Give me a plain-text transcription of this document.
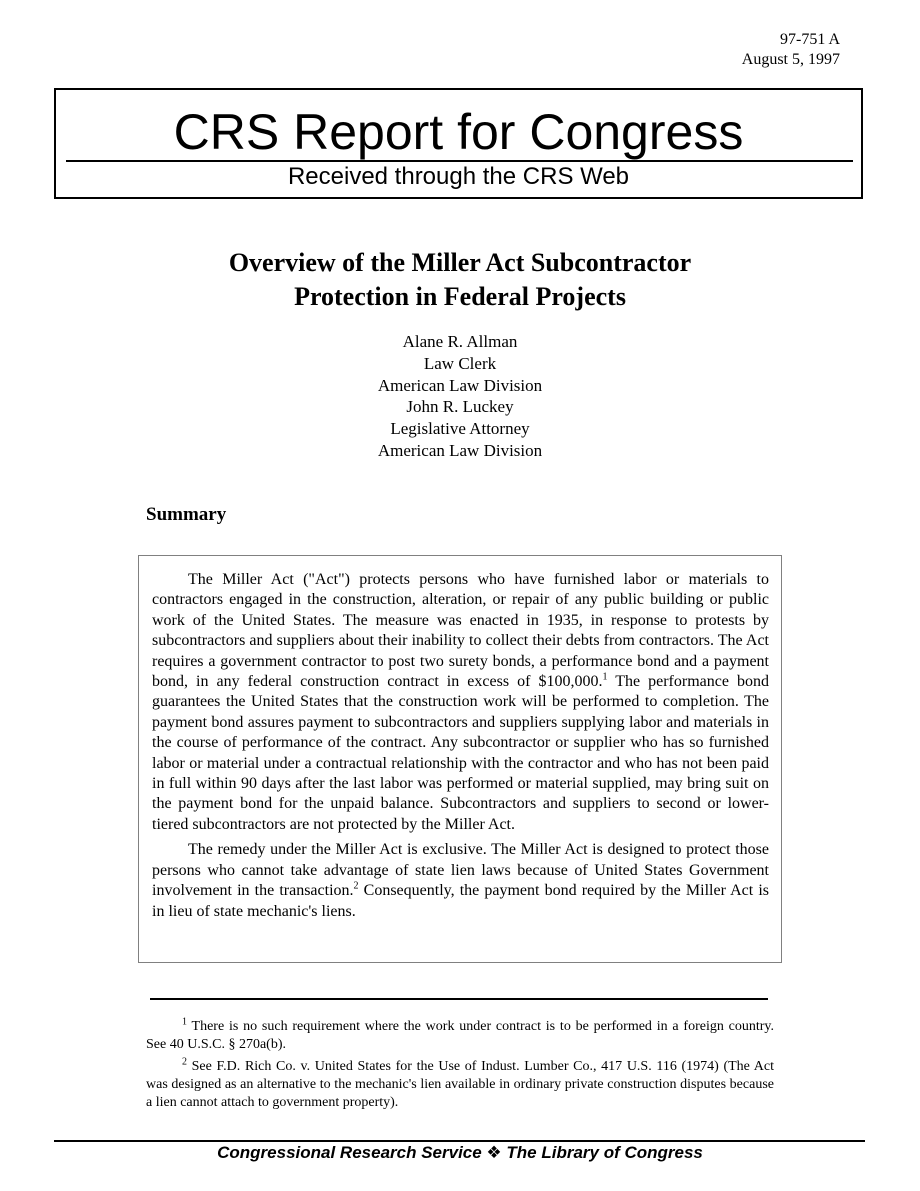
97-751 A
August 5, 1997
CRS Report for Congress
Received through the CRS Web
Overview of the Miller Act Subcontractor
Protection in Federal Projects
Alane R. Allman
Law Clerk
American Law Division
John R. Luckey
Legislative Attorney
American Law Division
Summary

The Miller Act ("Act") protects persons who have furnished labor or materials to contractors engaged in the construction, alteration, or repair of any public building or public work of the United States. The measure was enacted in 1935, in response to protests by subcontractors and suppliers about their inability to collect their debts from contractors. The Act requires a government contractor to post two surety bonds, a performance bond and a payment bond, in any federal construction contract in excess of $100,000.$^1$ The performance bond guarantees the United States that the construction work will be performed to completion. The payment bond assures payment to subcontractors and suppliers supplying labor and materials in the course of performance of the contract. Any subcontractor or supplier who has so furnished labor or material under a contractual relationship with the contractor and who has not been paid in full within 90 days after the last labor was performed or material supplied, may bring suit on the payment bond for the unpaid balance. Subcontractors and suppliers to second or lower-tiered subcontractors are not protected by the Miller Act.

The remedy under the Miller Act is exclusive. The Miller Act is designed to protect those persons who cannot take advantage of state lien laws because of United States Government involvement in the transaction.$^2$ Consequently, the payment bond required by the Miller Act is in lieu of state mechanic's liens.

$^1$ There is no such requirement where the work under contract is to be performed in a foreign country. See 40 U.S.C. § 270a(b).

$^2$ See F.D. Rich Co. v. United States for the Use of Indust. Lumber Co., 417 U.S. 116 (1974) (The Act was designed as an alternative to the mechanic's lien available in ordinary private construction disputes because a lien cannot attach to government property).

Congressional Research Service ❖ The Library of Congress
